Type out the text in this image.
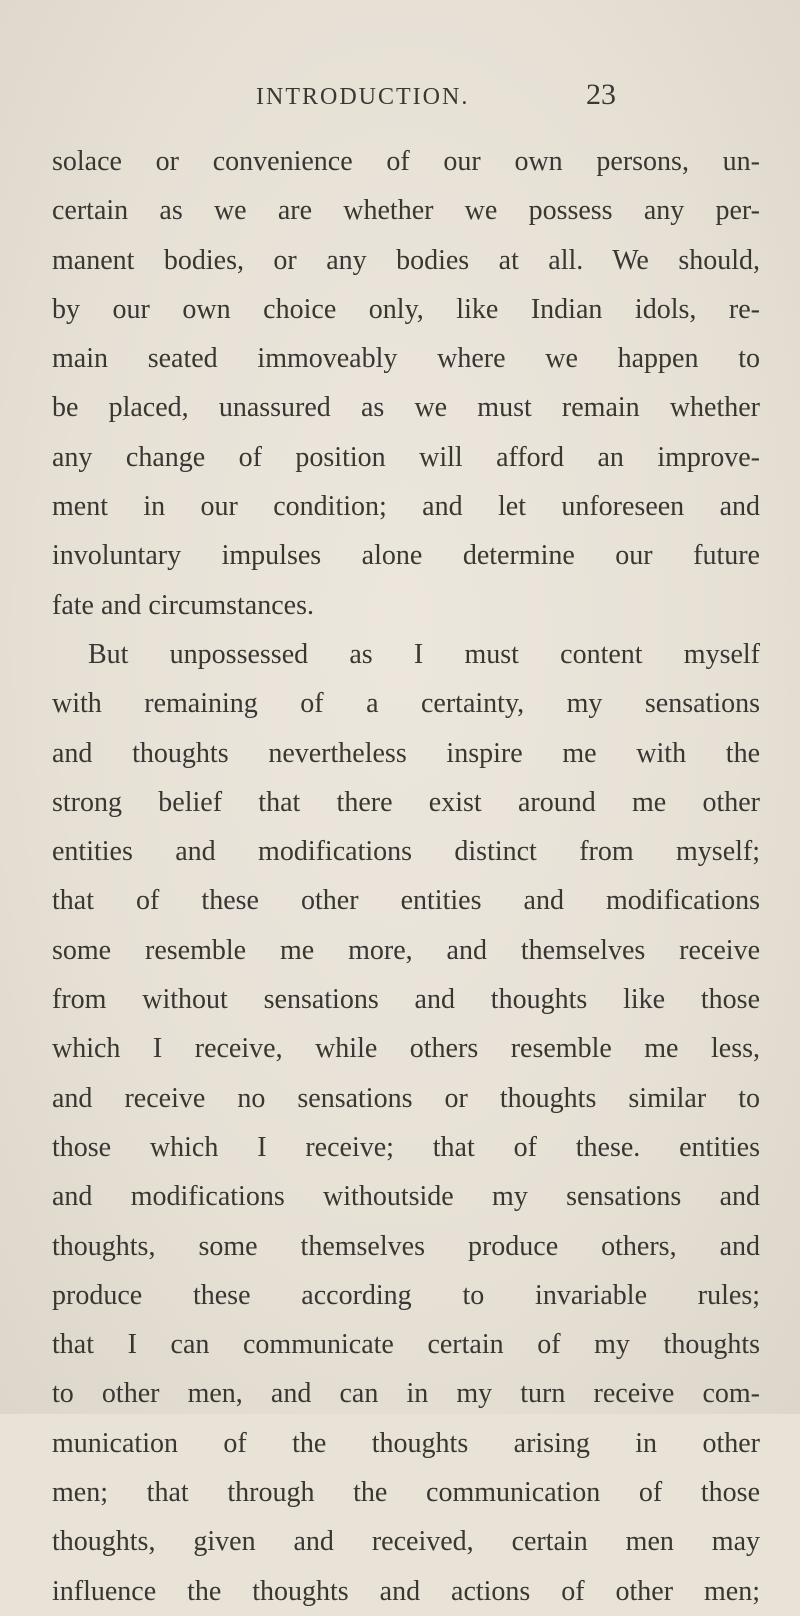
INTRODUCTION.	23
solace or convenience of our own persons, un-
certain as we are whether we possess any per-
manent bodies, or any bodies at all. We should,
by our own choice only, like Indian idols, re-
main seated immoveably where we happen to
be placed, unassured as we must remain whether
any change of position will afford an improve-
ment in our condition; and let unforeseen and
involuntary impulses alone determine our future
fate and circumstances.
But unpossessed as I must content myself
with remaining of a certainty, my sensations
and thoughts nevertheless inspire me with the
strong belief that there exist around me other
entities and modifications distinct from myself;
that of these other entities and modifications
some resemble me more, and themselves receive
from without sensations and thoughts like those
which I receive, while others resemble me less,
and receive no sensations or thoughts similar to
those which I receive; that of these. entities
and modifications withoutside my sensations and
thoughts, some themselves produce others, and
produce these according to invariable rules;
that I can communicate certain of my thoughts
to other men, and can in my turn receive com-
munication of the thoughts arising in other
men; that through the communication of those
thoughts, given and received, certain men may
influence the thoughts and actions of other men;
